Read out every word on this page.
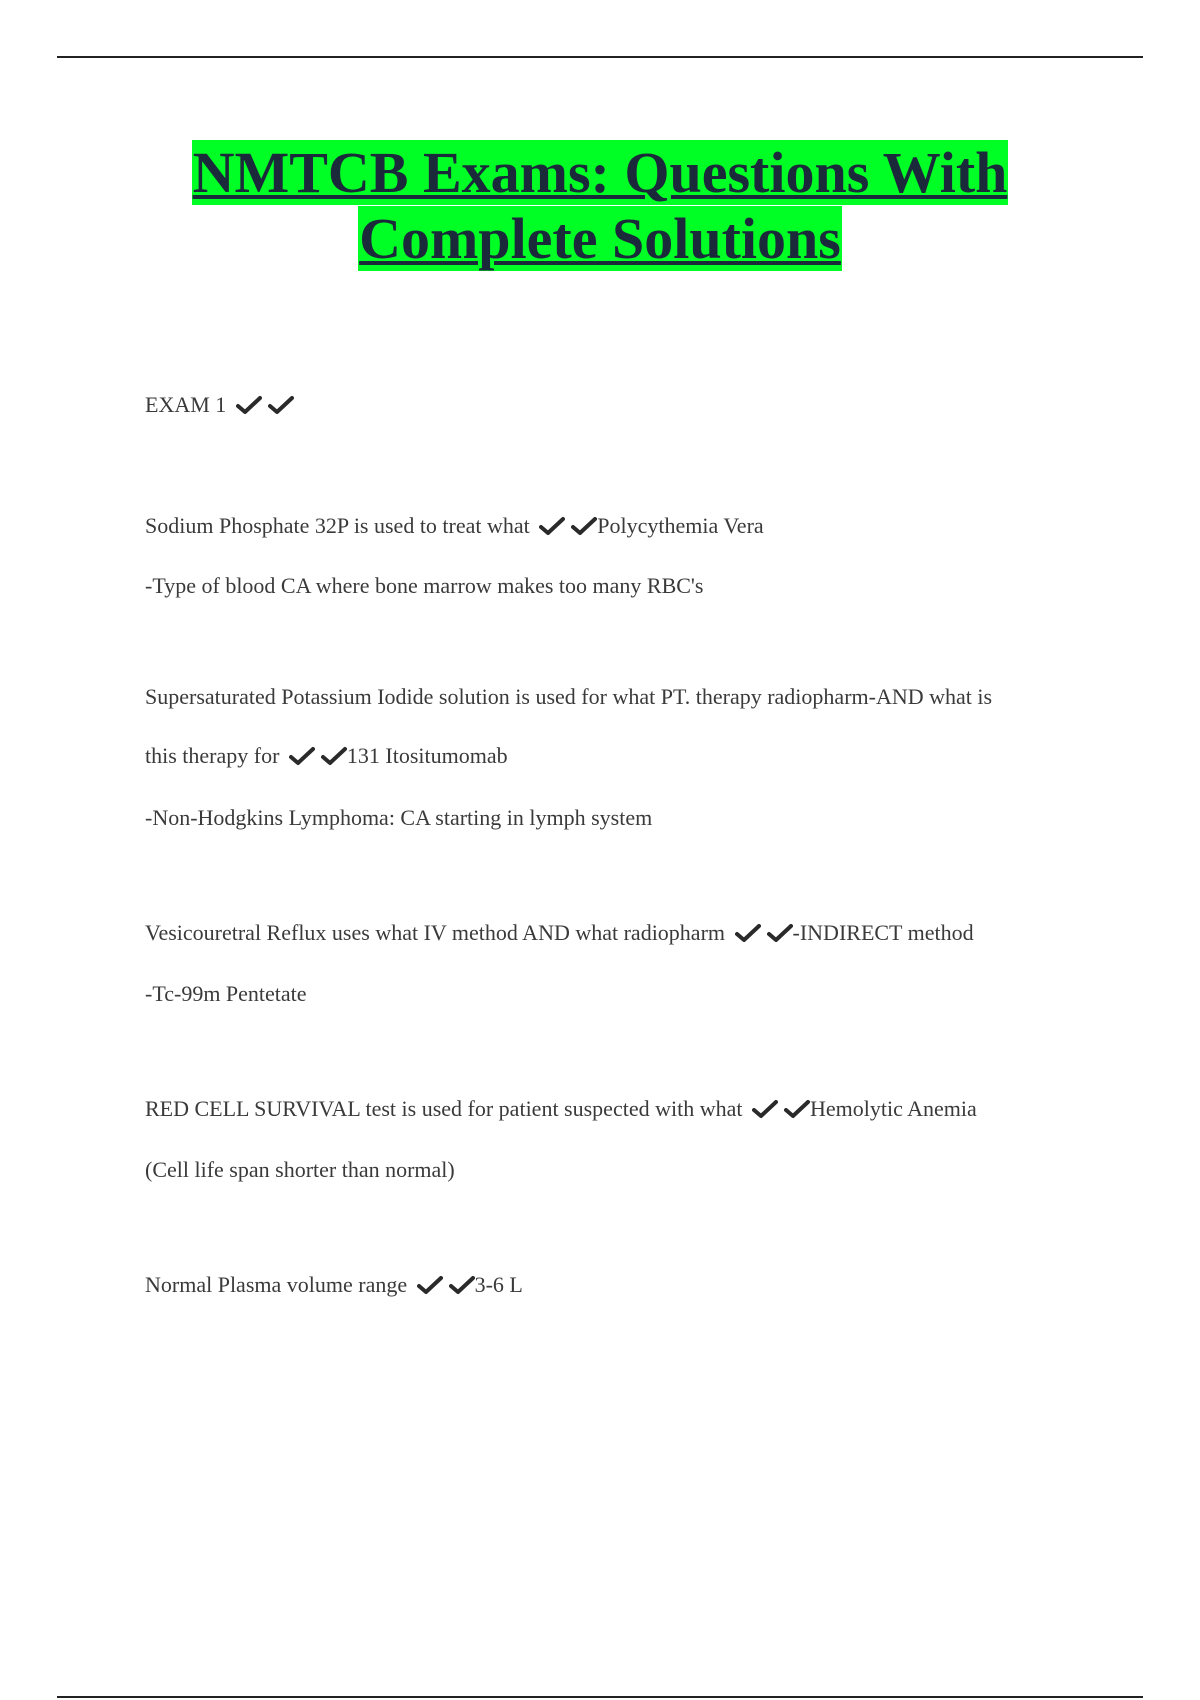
NMTCB Exams: Questions With
Complete Solutions
EXAM 1
Sodium Phosphate 32P is used to treat what	Polycythemia Vera
-Type of blood CA where bone marrow makes too many RBC's
Supersaturated Potassium Iodide solution is used for what PT. therapy radiopharm-AND what is
this therapy for	131 Itositumomab
-Non-Hodgkins Lymphoma: CA starting in lymph system
Vesicouretral Reflux uses what IV method AND what radiopharm	-INDIRECT method
-Tc-99m Pentetate
RED CELL SURVIVAL test is used for patient suspected with what	Hemolytic Anemia
(Cell life span shorter than normal)
Normal Plasma volume range	3-6 L
